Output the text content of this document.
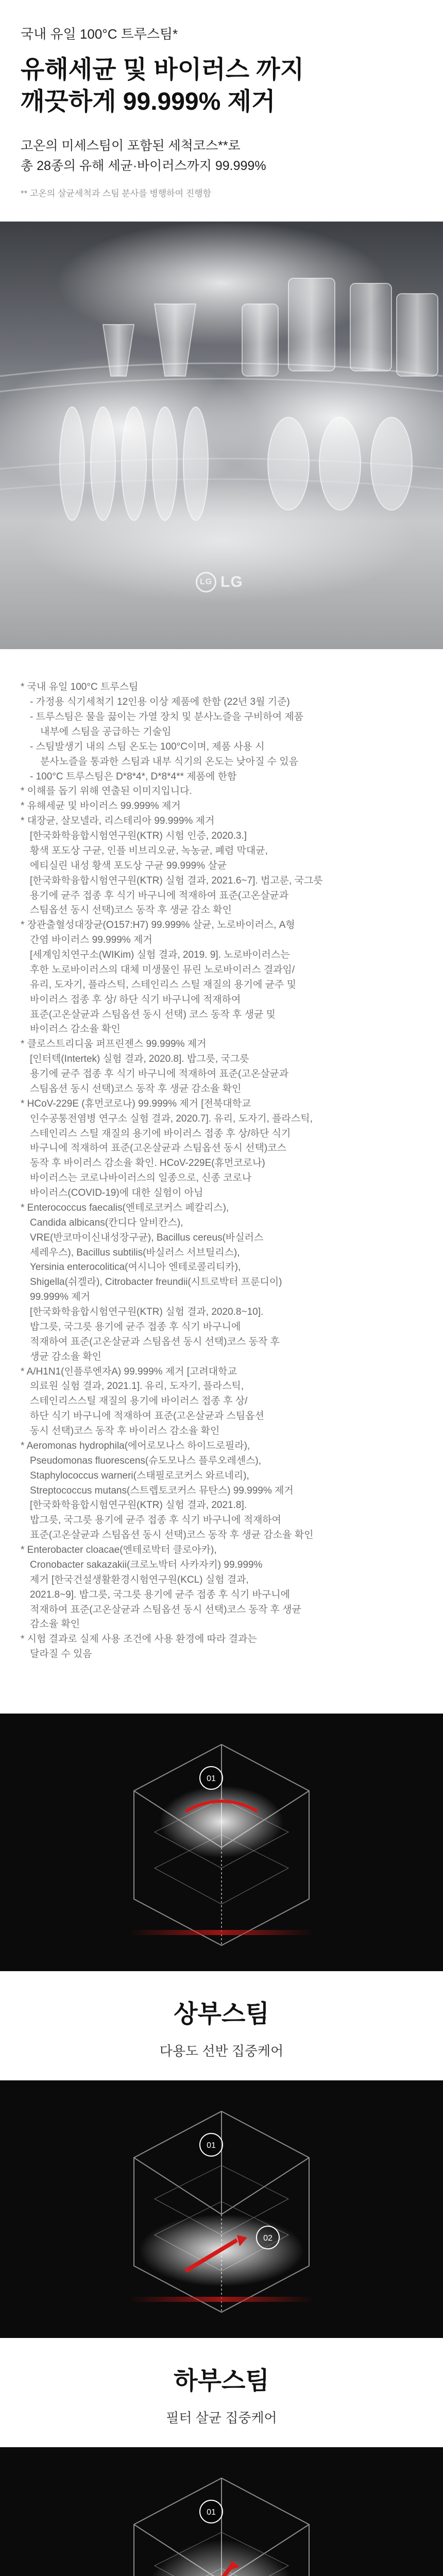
국내 유일 100°C 트루스팀*
유해세균 및 바이러스 까지
깨끗하게 99.999% 제거
고온의 미세스팀이 포함된 세척코스**로
총 28종의 유해 세균·바이러스까지 99.999%
** 고온의 살균세척과 스팀 분사를 병행하여 진행함
LG LG

* 국내 유일 100°C 트루스팀

- 가정용 식기세척기 12인용 이상 제품에 한함 (22년 3월 기준)

- 트루스팀은 물을 끓이는 가열 장치 및 분사노즐을 구비하여 제품

내부에 스팀을 공급하는 기술임

- 스팀발생기 내의 스팀 온도는 100°C이며, 제품 사용 시

분사노즐을 통과한 스팀과 내부 식기의 온도는 낮아질 수 있음

- 100°C 트루스팀은 D*8*4*, D*8*4** 제품에 한함

* 이해를 돕기 위해 연출된 이미지입니다.

* 유해세균 및 바이러스 99.999% 제거

* 대장균, 살모넬라, 리스테리아 99.999% 제거

[한국화학융합시험연구원(KTR) 시험 인증, 2020.3.]

황색 포도상 구균, 인플 비브리오균, 녹농균, 폐렴 막대균,

에티실린 내성 황색 포도상 구균 99.999% 살균

[한국화학융합시험연구원(KTR) 실험 결과, 2021.6~7]. 법고룬, 국그릇

용기에 균주 접종 후 식기 바구니에 적재하여 표준(고온살균과

스팀옵션 동시 선택)코스 동작 후 생균 감소 확인

* 장관출혈성대장균(O157:H7) 99.999% 살균, 노로바이러스, A형

간염 바이러스 99.999% 제거

[세계임치연구소(WIKim) 실험 결과, 2019. 9]. 노로바이러스는

후한 노로바이러스의 대체 미생물인 뮤린 노로바이러스 결과임/

유리, 도자기, 플라스틱, 스테인리스 스틸 재질의 용기에 균주 및

바이러스 접종 후 상/ 하단 식기 바구니에 적재하여

표준(고온살균과 스팀옵션 동시 선택) 코스 동작 후 생균 및

바이러스 감소율 확인

* 클로스트리디움 퍼프린젠스 99.999% 제거

[인터텍(Intertek) 실험 결과, 2020.8]. 밥그릇, 국그릇

용기에 균주 접종 후 식기 바구니에 적재하여 표준(고온살균과

스팀옵션 동시 선택)코스 동작 후 생균 감소율 확인

* HCoV-229E (휴먼코로나) 99.999% 제거 [전북대학교

인수공통전염병 연구소 실험 결과, 2020.7]. 유리, 도자기, 플라스틱,

스테인리스 스틸 재질의 용기에 바이러스 접종 후 상/하단 식기

바구니에 적재하여 표준(고온살균과 스팀옵션 동시 선택)코스

동작 후 바이러스 감소율 확인. HCoV-229E(휴먼코로나)

바이러스는 코로나바이러스의 일종으로, 신종 코로나

바이러스(COVID-19)에 대한 실험이 아님

* Enterococcus faecalis(엔테로코커스 페칼리스),

Candida albicans(칸디다 알비칸스),

VRE(반코마이신내성장구균), Bacillus cereus(바실러스

세레우스), Bacillus subtilis(바실러스 서브틸리스),

Yersinia enterocolitica(여시니아 엔테로콜리티카),

Shigella(쉬겔라), Citrobacter freundii(시트로박터 프룬디이)

99.999% 제거

[한국화학융합시험연구원(KTR) 실험 결과, 2020.8~10].

밥그릇, 국그릇 용기에 균주 접종 후 식기 바구니에

적재하여 표준(고온살균과 스팀옵션 동시 선택)코스 동작 후

생균 감소율 확인

* A/H1N1(인플루엔자A) 99.999% 제거 [고려대학교

의료원 실험 결과, 2021.1]. 유리, 도자기, 플라스틱,

스테인리스스틸 재질의 용기에 바이러스 접종 후 상/

하단 식기 바구니에 적재하여 표준(고온살균과 스팀옵션

동시 선택)코스 동작 후 바이러스 감소율 확인

* Aeromonas hydrophila(에어로모나스 하이드로필라),

Pseudomonas fluorescens(슈도모나스 플루오레센스),

Staphylococcus warneri(스태필로코커스 와르네리),

Streptococcus mutans(스트렙토코커스 뮤탄스) 99.999% 제거

[한국화학융합시험연구원(KTR) 실험 결과, 2021.8].

밥그릇, 국그릇 용기에 균주 접종 후 식기 바구니에 적재하여

표준(고온살균과 스팀옵션 동시 선택)코스 동작 후 생균 감소율 확인

* Enterobacter cloacae(엔테로박터 클로아카),

Cronobacter sakazakii(크로노박터 사카자키) 99.999%

제거 [한국건설생활환경시험연구원(KCL) 실험 결과,

2021.8~9]. 밥그릇, 국그릇 용기에 균주 접종 후 식기 바구니에

적재하여 표준(고온살균과 스팀옵션 동시 선택)코스 동작 후 생균

감소율 확인

* 시험 결과로 실제 사용 조건에 사용 환경에 따라 결과는

달라질 수 있음

01
상부스팀
다용도 선반 집중케어
01
02
하부스팀
필터 살균 집중케어
01
